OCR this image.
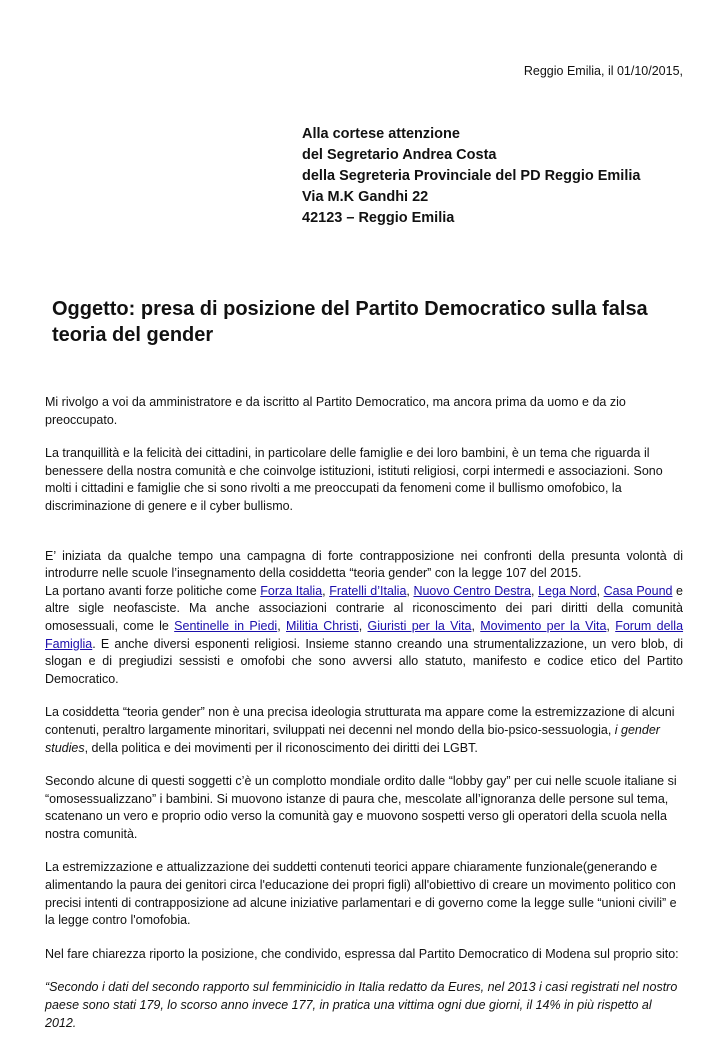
Reggio Emilia, il 01/10/2015,
Alla cortese attenzione
del Segretario Andrea Costa
della Segreteria Provinciale del PD Reggio Emilia
Via M.K Gandhi 22
42123 – Reggio Emilia
Oggetto: presa di posizione del Partito Democratico sulla falsa teoria del gender

Mi rivolgo a voi da amministratore e da iscritto al Partito Democratico, ma ancora prima da uomo e da zio preoccupato.

La tranquillità e la felicità dei cittadini, in particolare delle famiglie e dei loro bambini, è un tema che riguarda il benessere della nostra comunità e che coinvolge istituzioni, istituti religiosi, corpi intermedi e associazioni. Sono molti i cittadini e famiglie che si sono rivolti a me preoccupati da fenomeni come il bullismo omofobico, la discriminazione di genere e il cyber bullismo.

E’ iniziata da qualche tempo una campagna di forte contrapposizione nei confronti della presunta volontà di introdurre nelle scuole l’insegnamento della cosiddetta “teoria gender” con la legge 107 del 2015.
La portano avanti forze politiche come Forza Italia, Fratelli d’Italia, Nuovo Centro Destra, Lega Nord, Casa Pound e altre sigle neofasciste. Ma anche associazioni contrarie al riconoscimento dei pari diritti della comunità omosessuali, come le Sentinelle in Piedi, Militia Christi, Giuristi per la Vita, Movimento per la Vita, Forum della Famiglia. E anche diversi esponenti religiosi. Insieme stanno creando una strumentalizzazione, un vero blob, di slogan e di pregiudizi sessisti e omofobi che sono avversi allo statuto, manifesto e codice etico del Partito Democratico.

La cosiddetta “teoria gender” non è una precisa ideologia strutturata ma appare come la estremizzazione di alcuni contenuti, peraltro largamente minoritari, sviluppati nei decenni nel mondo della bio-psico-sessuologia, i gender studies, della politica e dei movimenti per il riconoscimento dei diritti dei LGBT.

Secondo alcune di questi soggetti c’è un complotto mondiale ordito dalle “lobby gay” per cui nelle scuole italiane si “omosessualizzano” i bambini. Si muovono istanze di paura che, mescolate all’ignoranza delle persone sul tema, scatenano un vero e proprio odio verso la comunità gay e muovono sospetti verso gli operatori della scuola nella nostra comunità.

La estremizzazione e attualizzazione dei suddetti contenuti teorici appare chiaramente funzionale(generando e alimentando la paura dei genitori circa l'educazione dei propri figli) all'obiettivo di creare un movimento politico con precisi intenti di contrapposizione ad alcune iniziative parlamentari e di governo come la legge sulle “unioni civili” e la legge contro l'omofobia.

Nel fare chiarezza riporto la posizione, che condivido, espressa dal Partito Democratico di Modena sul proprio sito:

“Secondo i dati del secondo rapporto sul femminicidio in Italia redatto da Eures, nel 2013 i casi registrati nel nostro paese sono stati 179, lo scorso anno invece 177, in pratica una vittima ogni due giorni, il 14% in più rispetto al 2012.
